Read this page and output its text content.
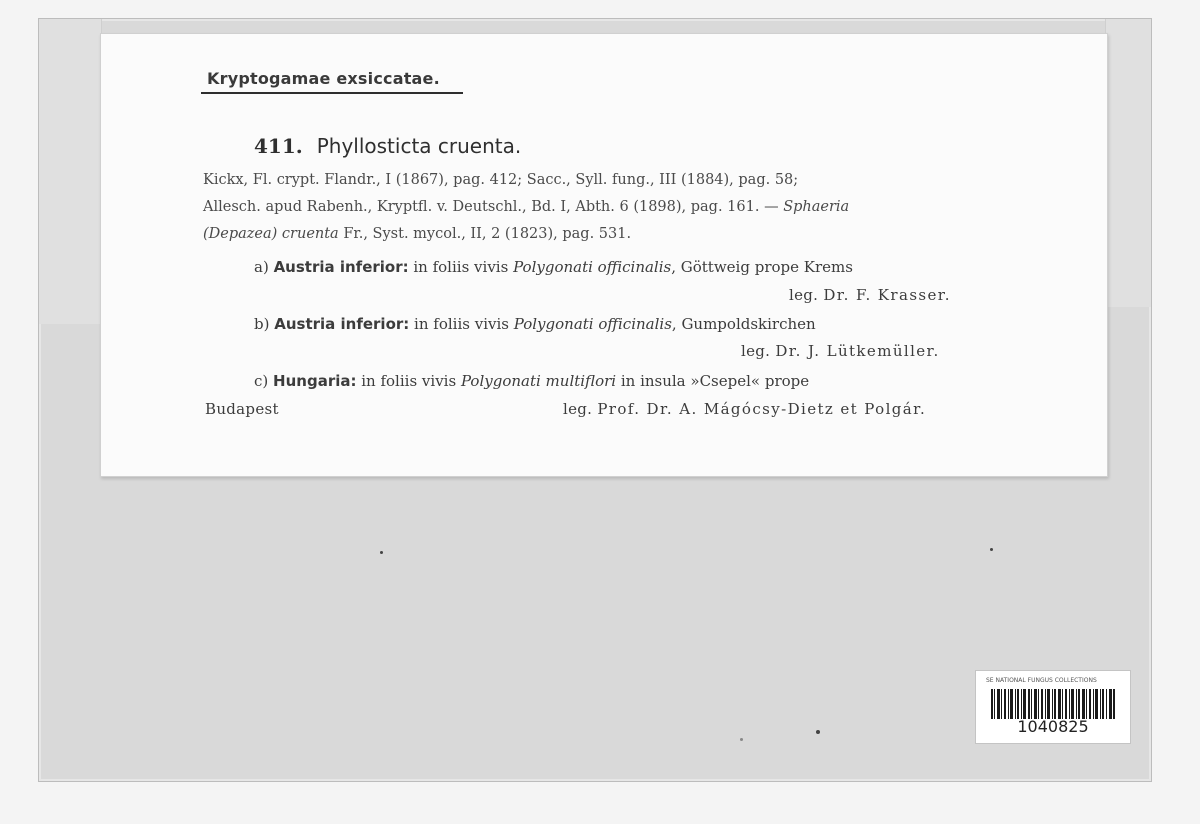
Kryptogamae exsiccatae.
411. Phyllosticta cruenta.
Kickx, Fl. crypt. Flandr., I (1867), pag. 412; Sacc., Syll. fung., III (1884), pag. 58;
Allesch. apud Rabenh., Kryptfl. v. Deutschl., Bd. I, Abth. 6 (1898), pag. 161. — Sphaeria
(Depazea) cruenta Fr., Syst. mycol., II, 2 (1823), pag. 531.
a) Austria inferior: in foliis vivis Polygonati officinalis, Göttweig prope Krems
leg. Dr. F. Krasser.
b) Austria inferior: in foliis vivis Polygonati officinalis, Gumpoldskirchen
leg. Dr. J. Lütkemüller.
c) Hungaria: in foliis vivis Polygonati multiflori in insula »Csepel« prope
Budapest	leg. Prof. Dr. A. Mágócsy-Dietz et Polgár.
SE NATIONAL FUNGUS COLLECTIONS
1040825
